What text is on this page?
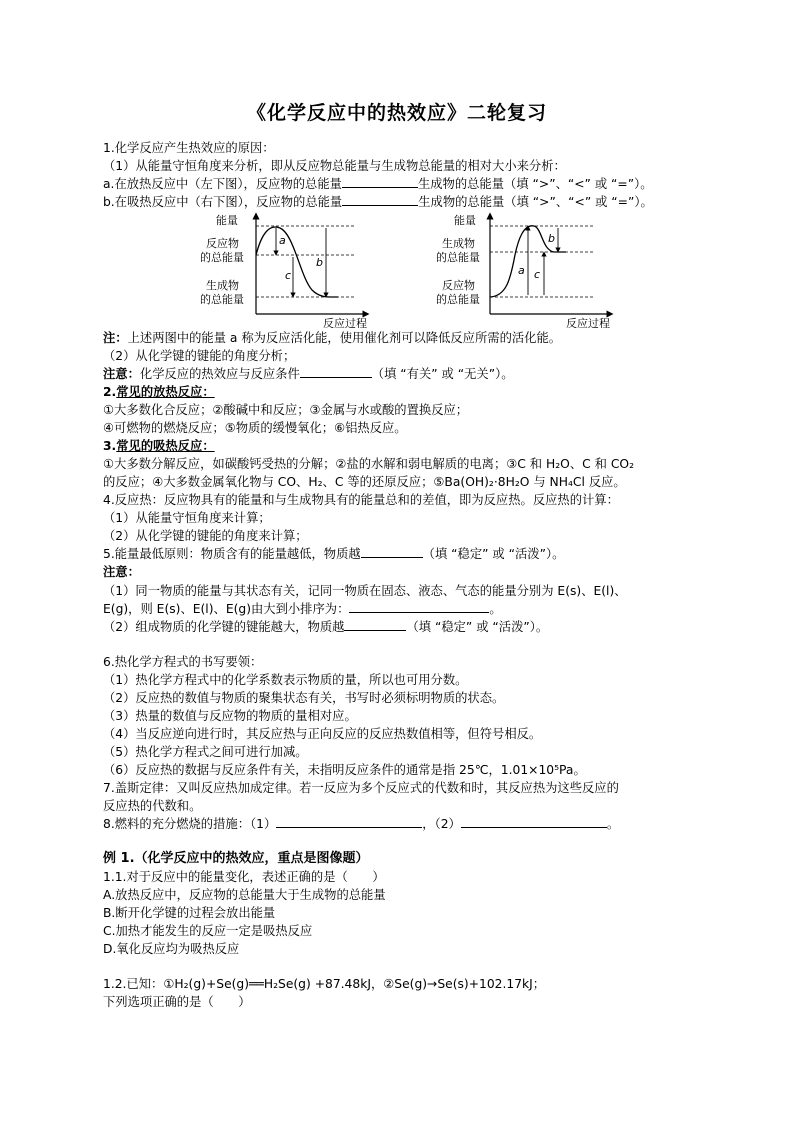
《化学反应中的热效应》二轮复习
1.化学反应产生热效应的原因：
（1）从能量守恒角度来分析，即从反应物总能量与生成物总能量的相对大小来分析：
a.在放热反应中（左下图），反应物的总能量	生成物的总能量（填 “>”、“<” 或 “=”）。
b.在吸热反应中（右下图），反应物的总能量	生成物的总能量（填 “>”、“<” 或 “=”）。
能量
反应物
的总能量
生成物
的总能量
a
b
c
反应过程
能量
生成物
的总能量
反应物
的总能量
b
a c
反应过程
注：上述两图中的能量 a 称为反应活化能，使用催化剂可以降低反应所需的活化能。
（2）从化学键的键能的角度分析；
注意：化学反应的热效应与反应条件	（填 “有关” 或 “无关”）。
2.常见的放热反应：
①大多数化合反应；②酸碱中和反应；③金属与水或酸的置换反应；
④可燃物的燃烧反应；⑤物质的缓慢氧化；⑥铝热反应。
3.常见的吸热反应：
①大多数分解反应，如碳酸钙受热的分解；②盐的水解和弱电解质的电离；③C 和 H₂O、C 和 CO₂
的反应；④大多数金属氧化物与 CO、H₂、C 等的还原反应；⑤Ba(OH)₂·8H₂O 与 NH₄Cl 反应。
4.反应热：反应物具有的能量和与生成物具有的能量总和的差值，即为反应热。反应热的计算：
（1）从能量守恒角度来计算；
（2）从化学键的键能的角度来计算；
5.能量最低原则：物质含有的能量越低，物质越	（填 “稳定” 或 “活泼”）。
注意：
（1）同一物质的能量与其状态有关，记同一物质在固态、液态、气态的能量分别为 E(s)、E(l)、
E(g)，则 E(s)、E(l)、E(g)由大到小排序为：	。
（2）组成物质的化学键的键能越大，物质越	（填 “稳定” 或 “活泼”）。
6.热化学方程式的书写要领：
（1）热化学方程式中的化学系数表示物质的量，所以也可用分数。
（2）反应热的数值与物质的聚集状态有关，书写时必须标明物质的状态。
（3）热量的数值与反应物的物质的量相对应。
（4）当反应逆向进行时，其反应热与正向反应的反应热数值相等，但符号相反。
（5）热化学方程式之间可进行加减。
（6）反应热的数据与反应条件有关，未指明反应条件的通常是指 25℃，1.01×10⁵Pa。
7.盖斯定律：又叫反应热加成定律。若一反应为多个反应式的代数和时，其反应热为这些反应的
反应热的代数和。
8.燃料的充分燃烧的措施：（1）	，（2）	。
例 1.（化学反应中的热效应，重点是图像题）
1.1.对于反应中的能量变化，表述正确的是（　　）
A.放热反应中，反应物的总能量大于生成物的总能量
B.断开化学键的过程会放出能量
C.加热才能发生的反应一定是吸热反应
D.氧化反应均为吸热反应
1.2.已知：①H₂(g)+Se(g)══H₂Se(g) +87.48kJ，②Se(g)→Se(s)+102.17kJ；
下列选项正确的是（　　）
